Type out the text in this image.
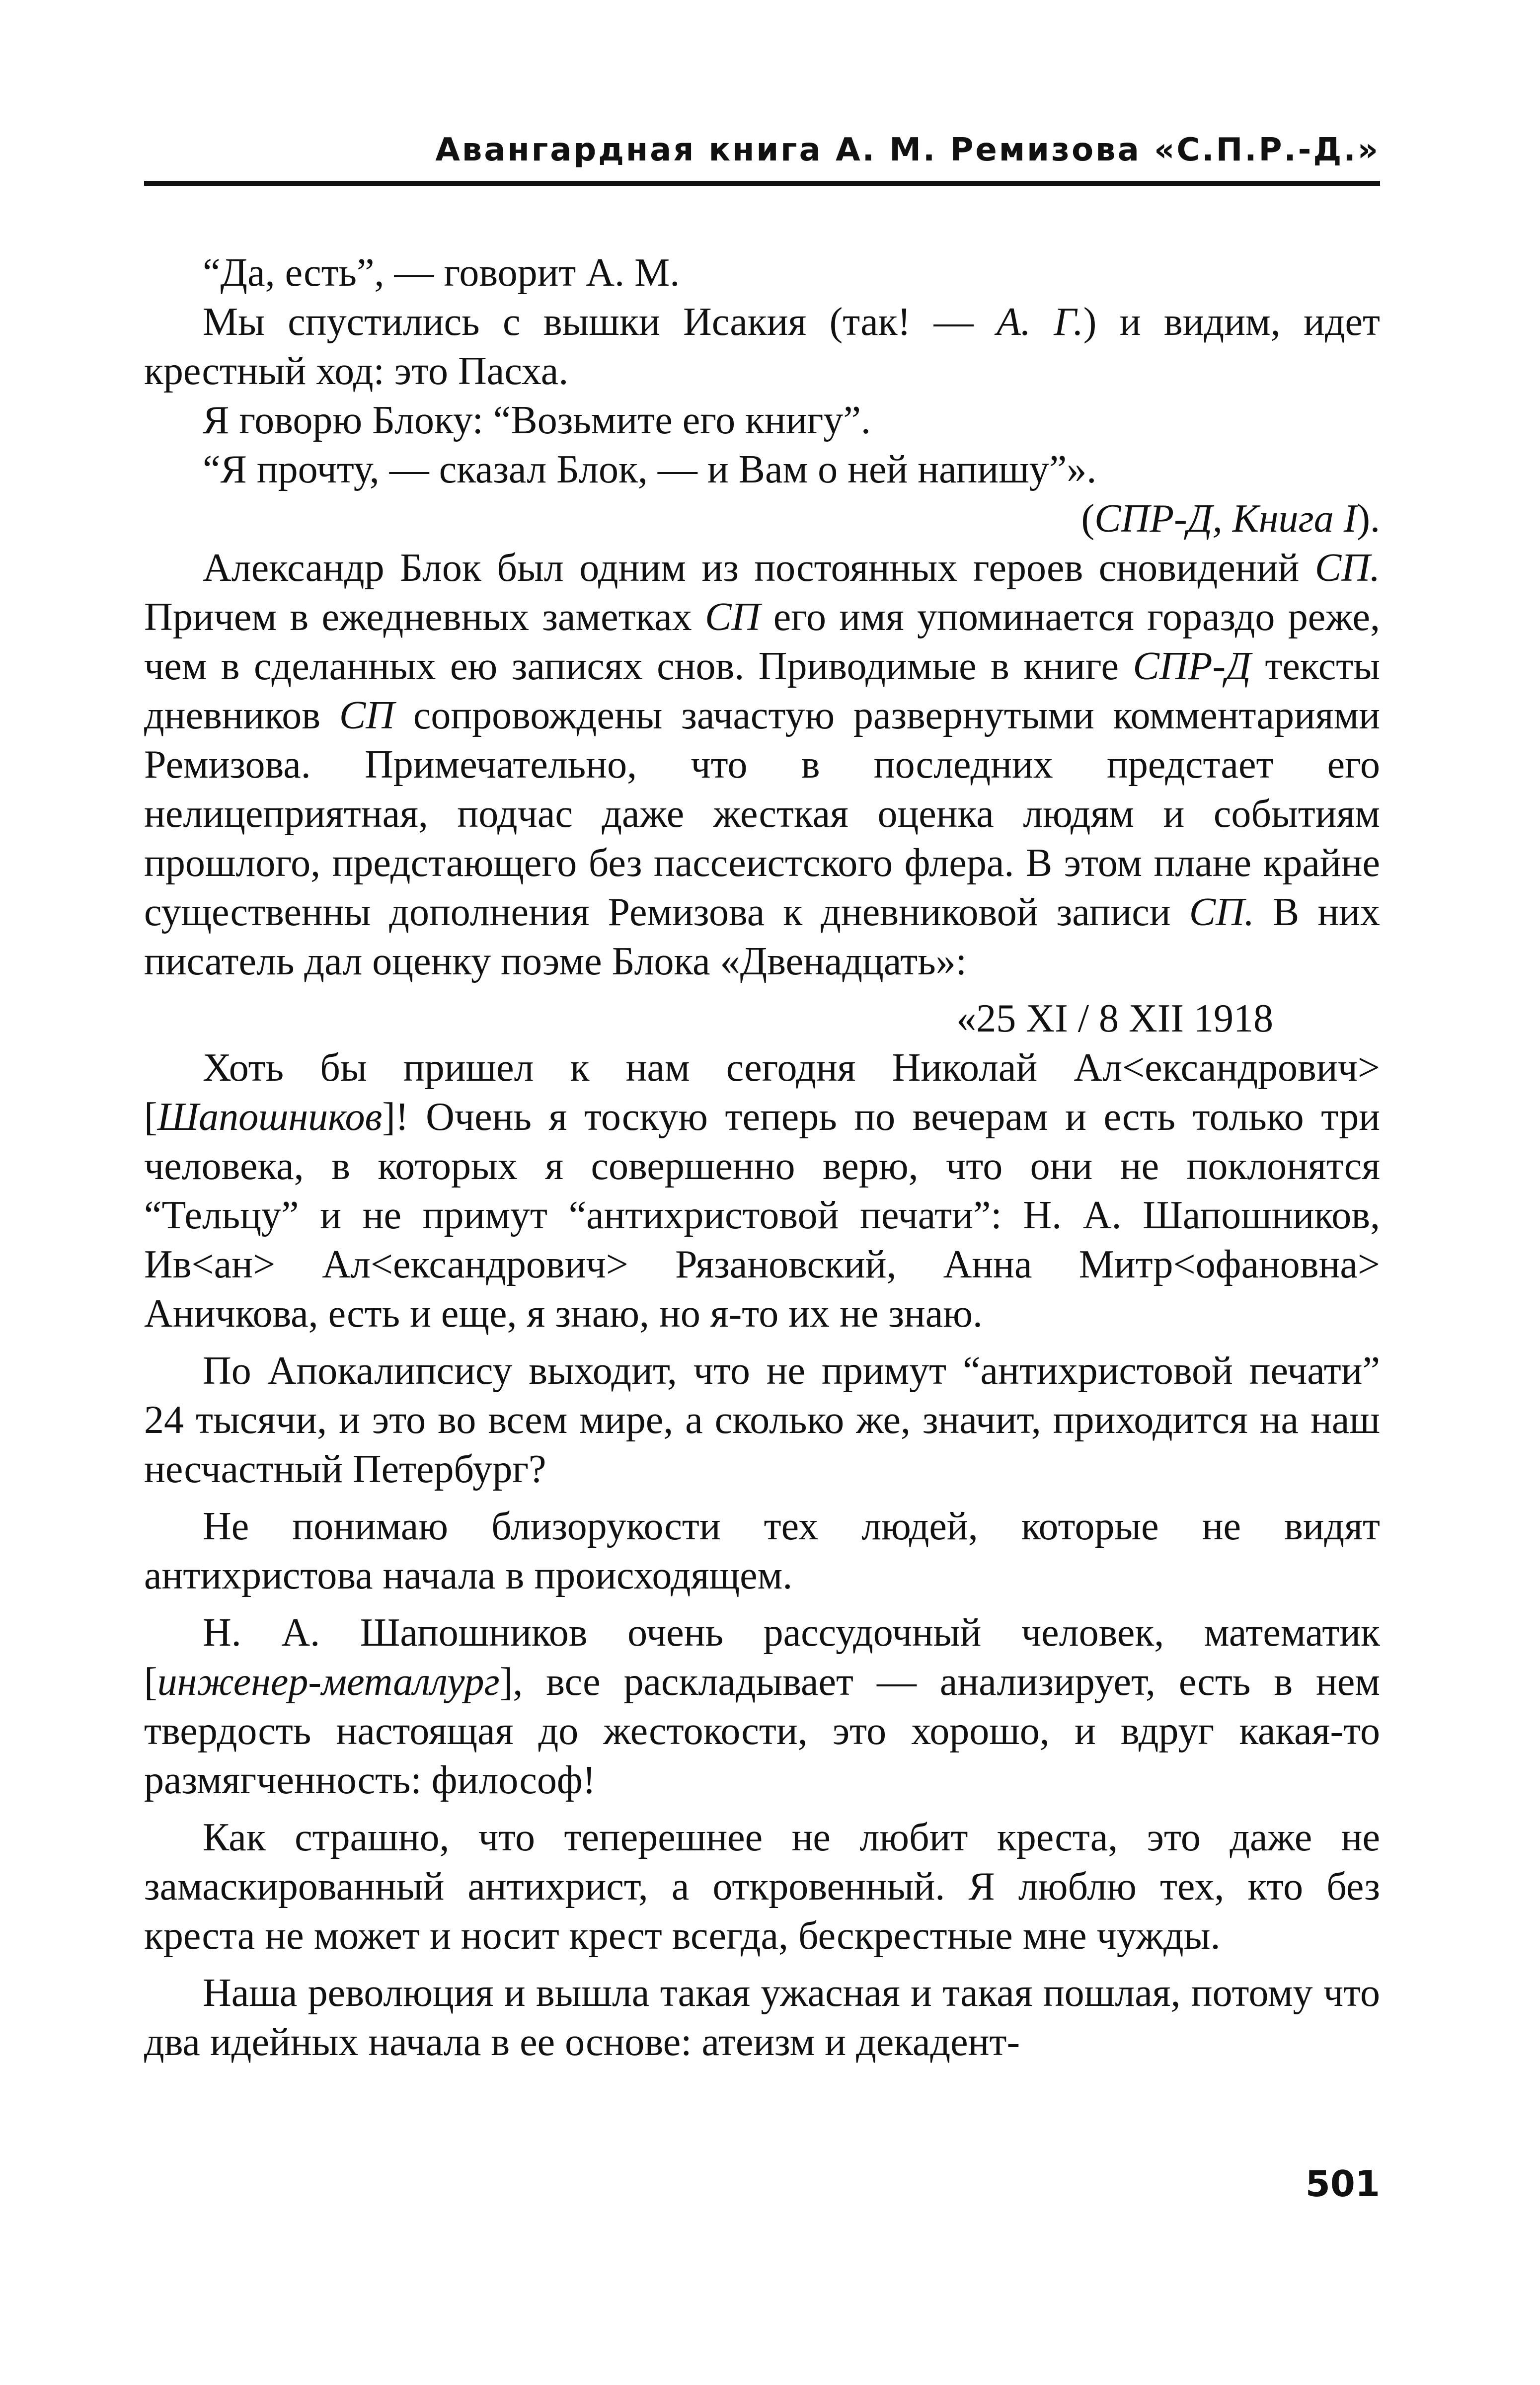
Авангардная книга А. М. Ремизова «С.П.Р.-Д.»

“Да, есть”, — говорит А. М.

Мы спустились с вышки Исакия (так! — А. Г.) и видим, идет крестный ход: это Пасха.

Я говорю Блоку: “Возьмите его книгу”.

“Я прочту, — сказал Блок, — и Вам о ней напишу”».

(СПР-Д, Книга I).

Александр Блок был одним из постоянных героев сновидений СП. Причем в ежедневных заметках СП его имя упоминается гораздо реже, чем в сделанных ею записях снов. Приводимые в книге СПР-Д тексты дневников СП сопровождены зачастую развернутыми комментариями Ремизова. Примечательно, что в последних предстает его нелицеприятная, подчас даже жесткая оценка людям и событиям прошлого, предстающего без пассеистского флера. В этом плане крайне существенны дополнения Ремизова к дневниковой записи СП. В них писатель дал оценку поэме Блока «Двенадцать»:

«25 XI / 8 XII 1918

Хоть бы пришел к нам сегодня Николай Ал<ександрович> [Шапошников]! Очень я тоскую теперь по вечерам и есть только три человека, в которых я совершенно верю, что они не поклонятся “Тельцу” и не примут “антихристовой печати”: Н. А. Шапошников, Ив<ан> Ал<ександрович> Рязановский, Анна Митр<офановна> Аничкова, есть и еще, я знаю, но я-то их не знаю.

По Апокалипсису выходит, что не примут “антихристовой печати” 24 тысячи, и это во всем мире, а сколько же, значит, приходится на наш несчастный Петербург?

Не понимаю близорукости тех людей, которые не видят антихристова начала в происходящем.

Н. А. Шапошников очень рассудочный человек, математик [инженер-металлург], все раскладывает — анализирует, есть в нем твердость настоящая до жестокости, это хорошо, и вдруг какая-то размягченность: философ!

Как страшно, что теперешнее не любит креста, это даже не замаскированный антихрист, а откровенный. Я люблю тех, кто без креста не может и носит крест всегда, бескрестные мне чужды.

Наша революция и вышла такая ужасная и такая пошлая, потому что два идейных начала в ее основе: атеизм и декадент-

501
